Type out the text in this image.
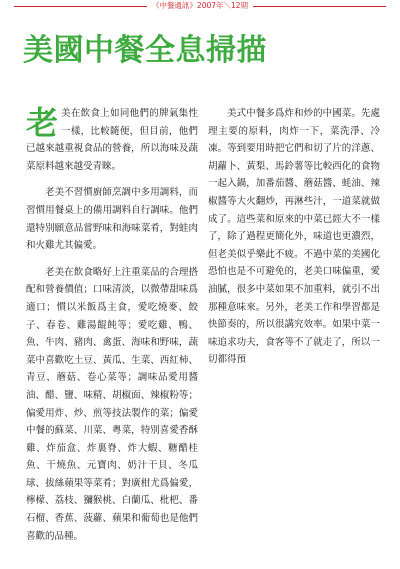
《中餐通訊》2007年＼12期
美國中餐全息掃描

老美在飲食上如同他們的牌氣集性一樣，比較隨便，但目前，他們已越來越重視食品的營養，所以海味及蔬菜原料越來越受青睞。

老美不習慣廚師烹調中多用調料，而習慣用餐桌上的備用調料自行調味。他們還特別願意品嘗野味和海味菜肴，對蛙肉和火雞尤其偏愛。

老美在飲食略好上注重菜品的合理搭配和營養價值；口味清淡，以微帶甜味爲適口；慣以米飯爲主食，愛吃燒麥、餃子、春卷、雞湯餛飩等；愛吃雞、鴨、魚、牛肉、豬肉、禽蛋、海味和野味，蔬菜中喜歡吃土豆、黃瓜、生菜、西紅柿、青豆、蘑菇、卷心菜等；調味品愛用醬油、醋、鹽、味精、胡椒面、辣椒粉等；偏愛用炸、炒、煎等技法製作的菜；偏愛中餐的蘇菜、川菜、粵菜，特別喜愛香酥雞、炸茄盒、炸裏脊、炸大蝦、糖醋桂魚、干燒魚、元寶肉、奶汁干貝、冬瓜球、拔絲蘋果等菜肴；對廣柑尤爲偏愛，檸檬、荔枝、獼猴桃、白蘭瓜、枇杷、番石榴、香蕉、菠蘿、蘋果和葡萄也是他們喜歡的品種。

美式中餐多爲炸和炒的中國菜。先處理主要的原料，肉炸一下，菜洗淨、冷凍。等到要用時把它們和切了片的洋蔥、胡蘿卜、黃梨、馬鈴薯等比較西化的食物一起入鍋，加番茄醬、蘑菇醬、蚝油、辣椒醬等大火翻炒，再淋些汁，一道菜就做成了。這些菜和原來的中菜已經大不一樣了，除了過程更簡化外，味道也更濃烈，但老美似乎樂此不疲。不過中菜的美國化恐怕也是不可避免的，老美口味偏重，愛油膩，很多中菜如果不加重料，就引不出那種意味來。另外，老美工作和學習都是快節奏的，所以很講究效率。如果中菜一味追求功夫，食客等不了就走了，所以一切都得預
